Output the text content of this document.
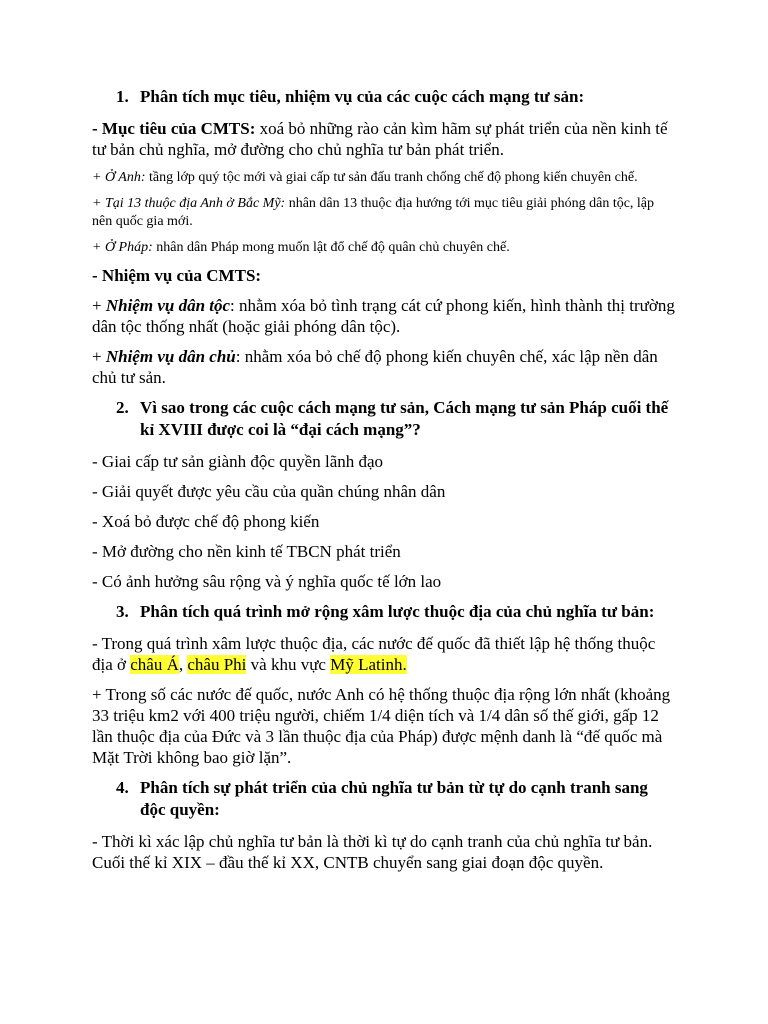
1. Phân tích mục tiêu, nhiệm vụ của các cuộc cách mạng tư sản:

- Mục tiêu của CMTS: xoá bỏ những rào cản kìm hãm sự phát triển của nền kinh tế tư bản chủ nghĩa, mở đường cho chủ nghĩa tư bản phát triển.

+ Ở Anh: tầng lớp quý tộc mới và giai cấp tư sản đấu tranh chống chế độ phong kiến chuyên chế.

+ Tại 13 thuộc địa Anh ở Bắc Mỹ: nhân dân 13 thuộc địa hướng tới mục tiêu giải phóng dân tộc, lập nên quốc gia mới.

+ Ở Pháp: nhân dân Pháp mong muốn lật đổ chế độ quân chủ chuyên chế.

- Nhiệm vụ của CMTS:

+ Nhiệm vụ dân tộc: nhằm xóa bỏ tình trạng cát cứ phong kiến, hình thành thị trường dân tộc thống nhất (hoặc giải phóng dân tộc).

+ Nhiệm vụ dân chủ: nhằm xóa bỏ chế độ phong kiến chuyên chế, xác lập nền dân chủ tư sản.

2. Vì sao trong các cuộc cách mạng tư sản, Cách mạng tư sản Pháp cuối thế kỉ XVIII được coi là “đại cách mạng”?

- Giai cấp tư sản giành độc quyền lãnh đạo

- Giải quyết được yêu cầu của quần chúng nhân dân

- Xoá bỏ được chế độ phong kiến

- Mở đường cho nền kinh tế TBCN phát triển

- Có ảnh hưởng sâu rộng và ý nghĩa quốc tế lớn lao

3. Phân tích quá trình mở rộng xâm lược thuộc địa của chủ nghĩa tư bản:

- Trong quá trình xâm lược thuộc địa, các nước đế quốc đã thiết lập hệ thống thuộc địa ở châu Á, châu Phi và khu vực Mỹ Latinh.

+ Trong số các nước đế quốc, nước Anh có hệ thống thuộc địa rộng lớn nhất (khoảng 33 triệu km2 với 400 triệu người, chiếm 1/4 diện tích và 1/4 dân số thế giới, gấp 12 lần thuộc địa của Đức và 3 lần thuộc địa của Pháp) được mệnh danh là “đế quốc mà Mặt Trời không bao giờ lặn”.

4. Phân tích sự phát triển của chủ nghĩa tư bản từ tự do cạnh tranh sang độc quyền:

- Thời kì xác lập chủ nghĩa tư bản là thời kì tự do cạnh tranh của chủ nghĩa tư bản. Cuối thế kỉ XIX – đầu thế kỉ XX, CNTB chuyển sang giai đoạn độc quyền.
